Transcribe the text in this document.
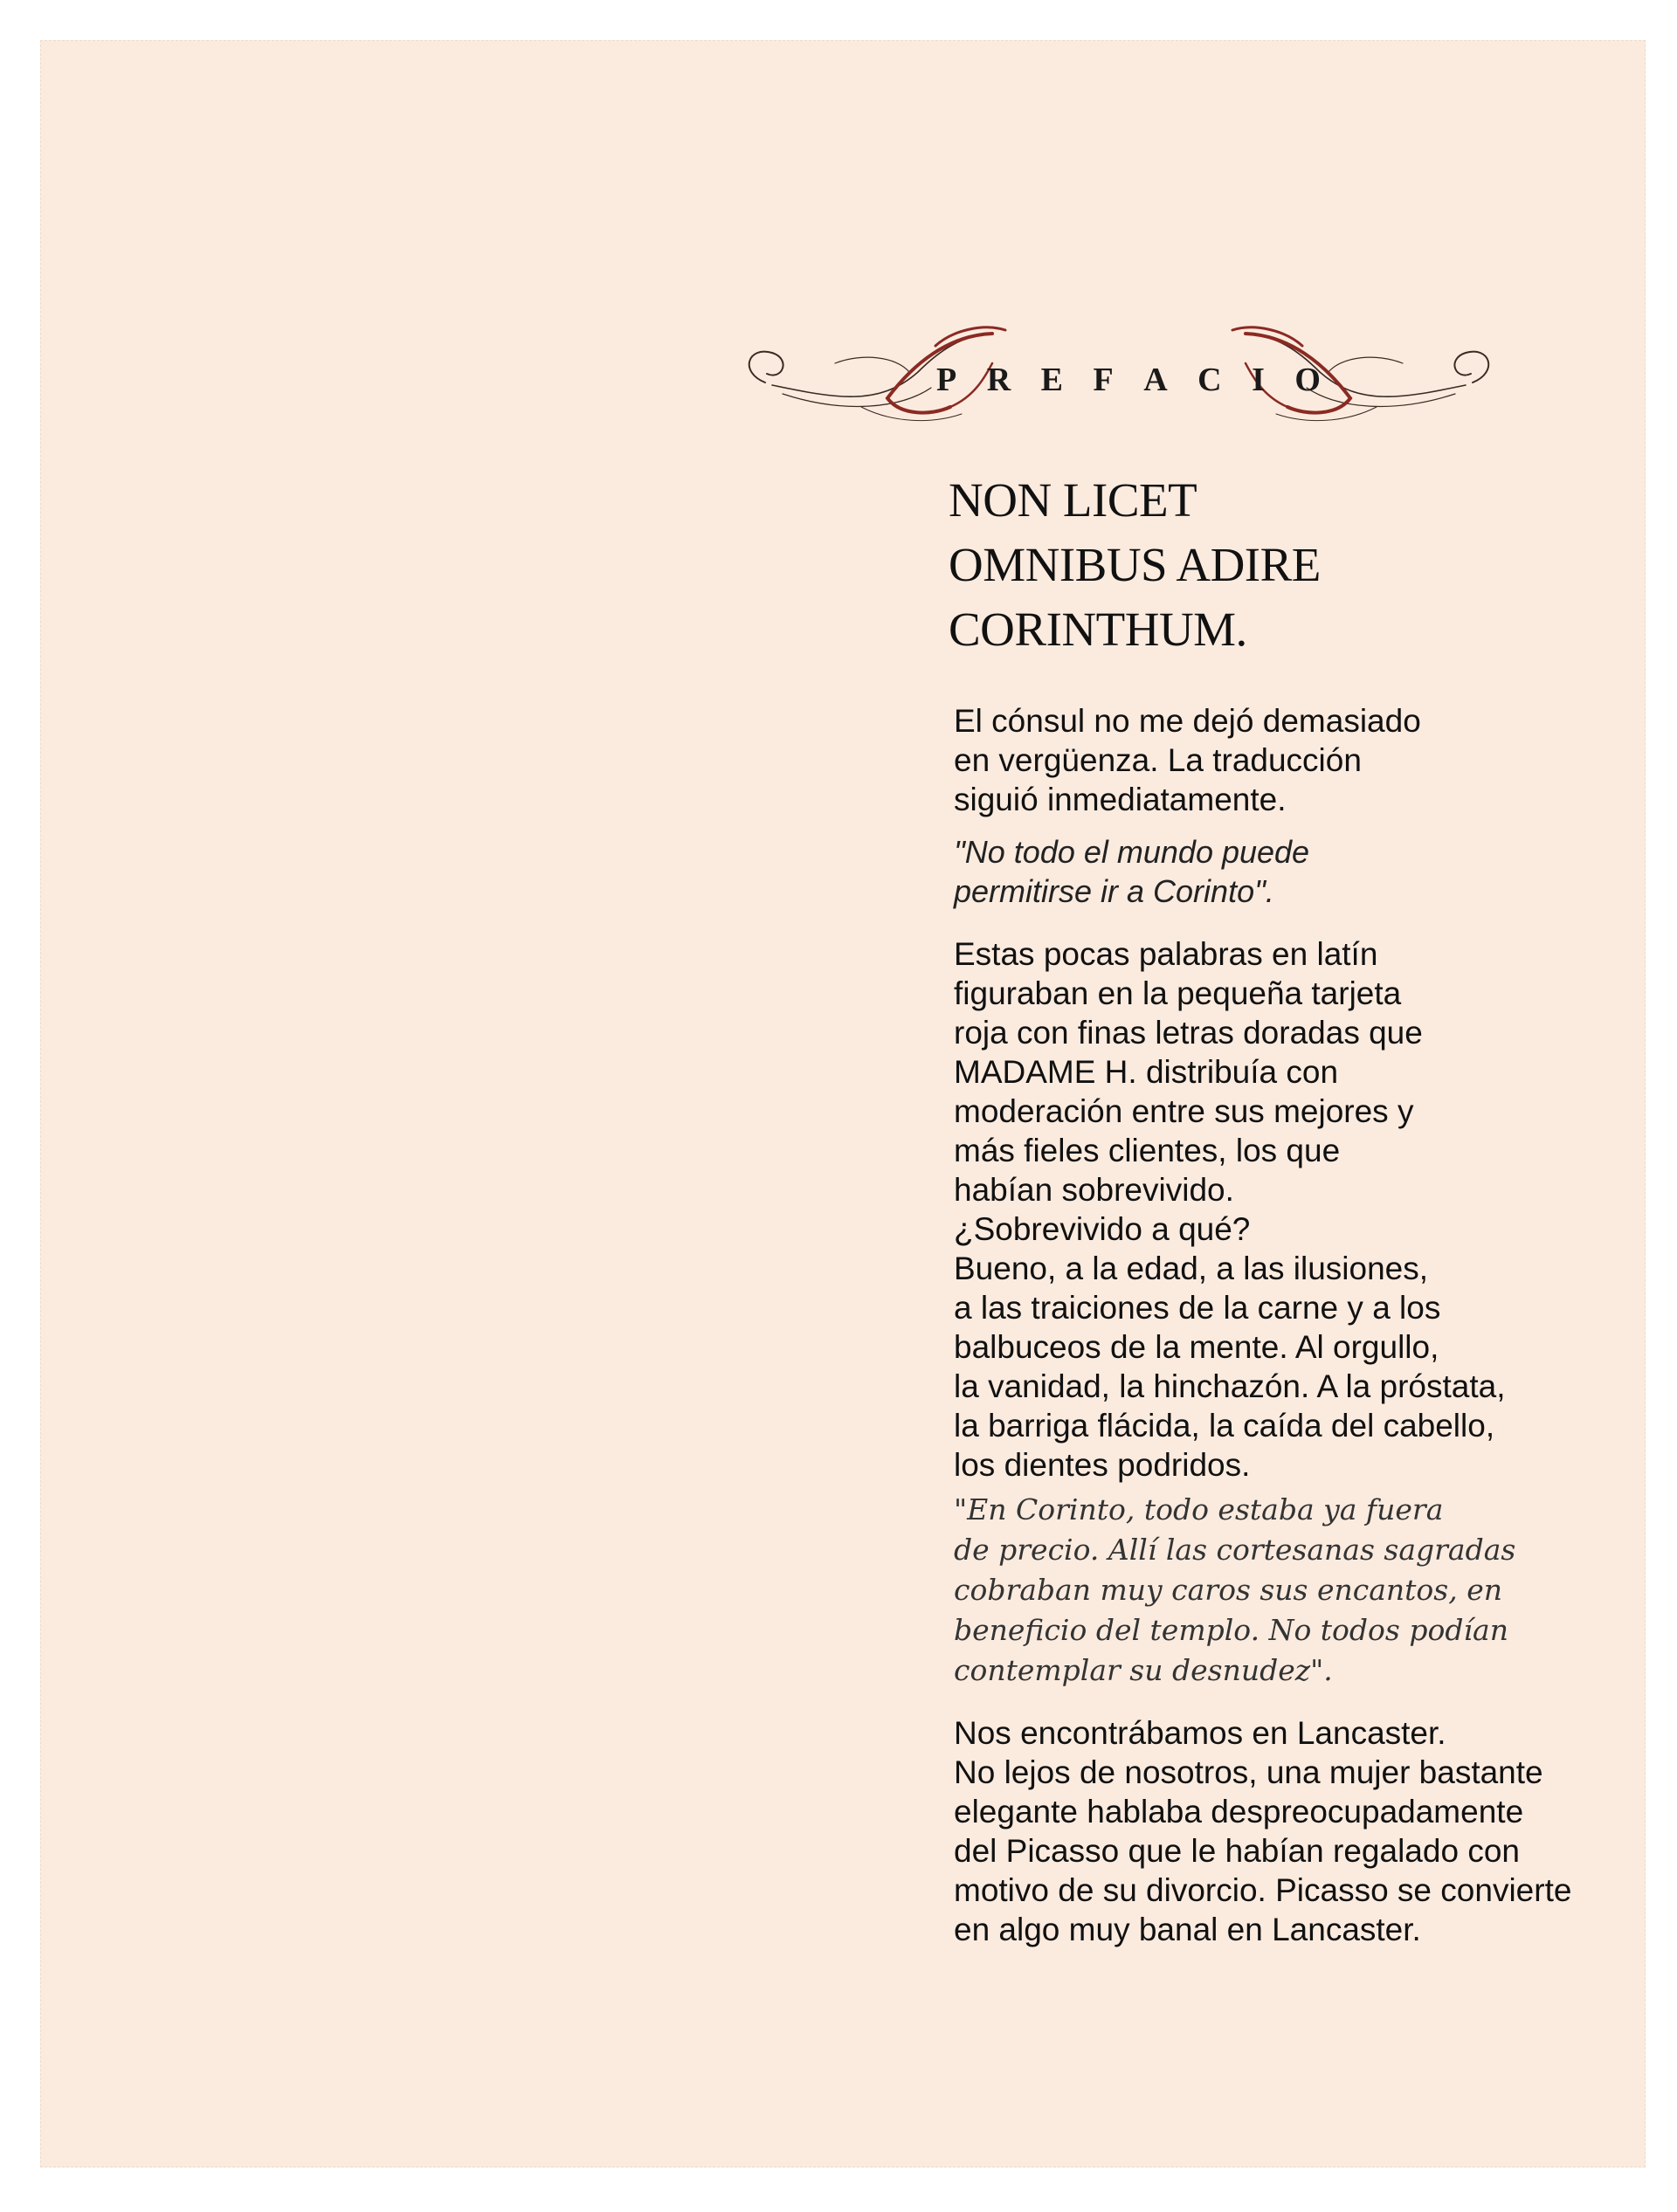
P R E F A C I O
NON LICET
OMNIBUS ADIRE
CORINTHUM.
El cónsul no me dejó demasiado
en vergüenza. La traducción
siguió inmediatamente.
"No todo el mundo puede
permitirse ir a Corinto".
Estas pocas palabras en latín
figuraban en la pequeña tarjeta
roja con finas letras doradas que
MADAME H. distribuía con
moderación entre sus mejores y
más fieles clientes, los que
habían sobrevivido.
¿Sobrevivido a qué?
Bueno, a la edad, a las ilusiones,
a las traiciones de la carne y a los
balbuceos de la mente. Al orgullo,
la vanidad, la hinchazón. A la próstata,
la barriga flácida, la caída del cabello,
los dientes podridos.
"En Corinto, todo estaba ya fuera
de precio. Allí las cortesanas sagradas
cobraban muy caros sus encantos, en
beneficio del templo. No todos podían
contemplar su desnudez".
Nos encontrábamos en Lancaster.
No lejos de nosotros, una mujer bastante
elegante hablaba despreocupadamente
del Picasso que le habían regalado con
motivo de su divorcio. Picasso se convierte
en algo muy banal en Lancaster.
